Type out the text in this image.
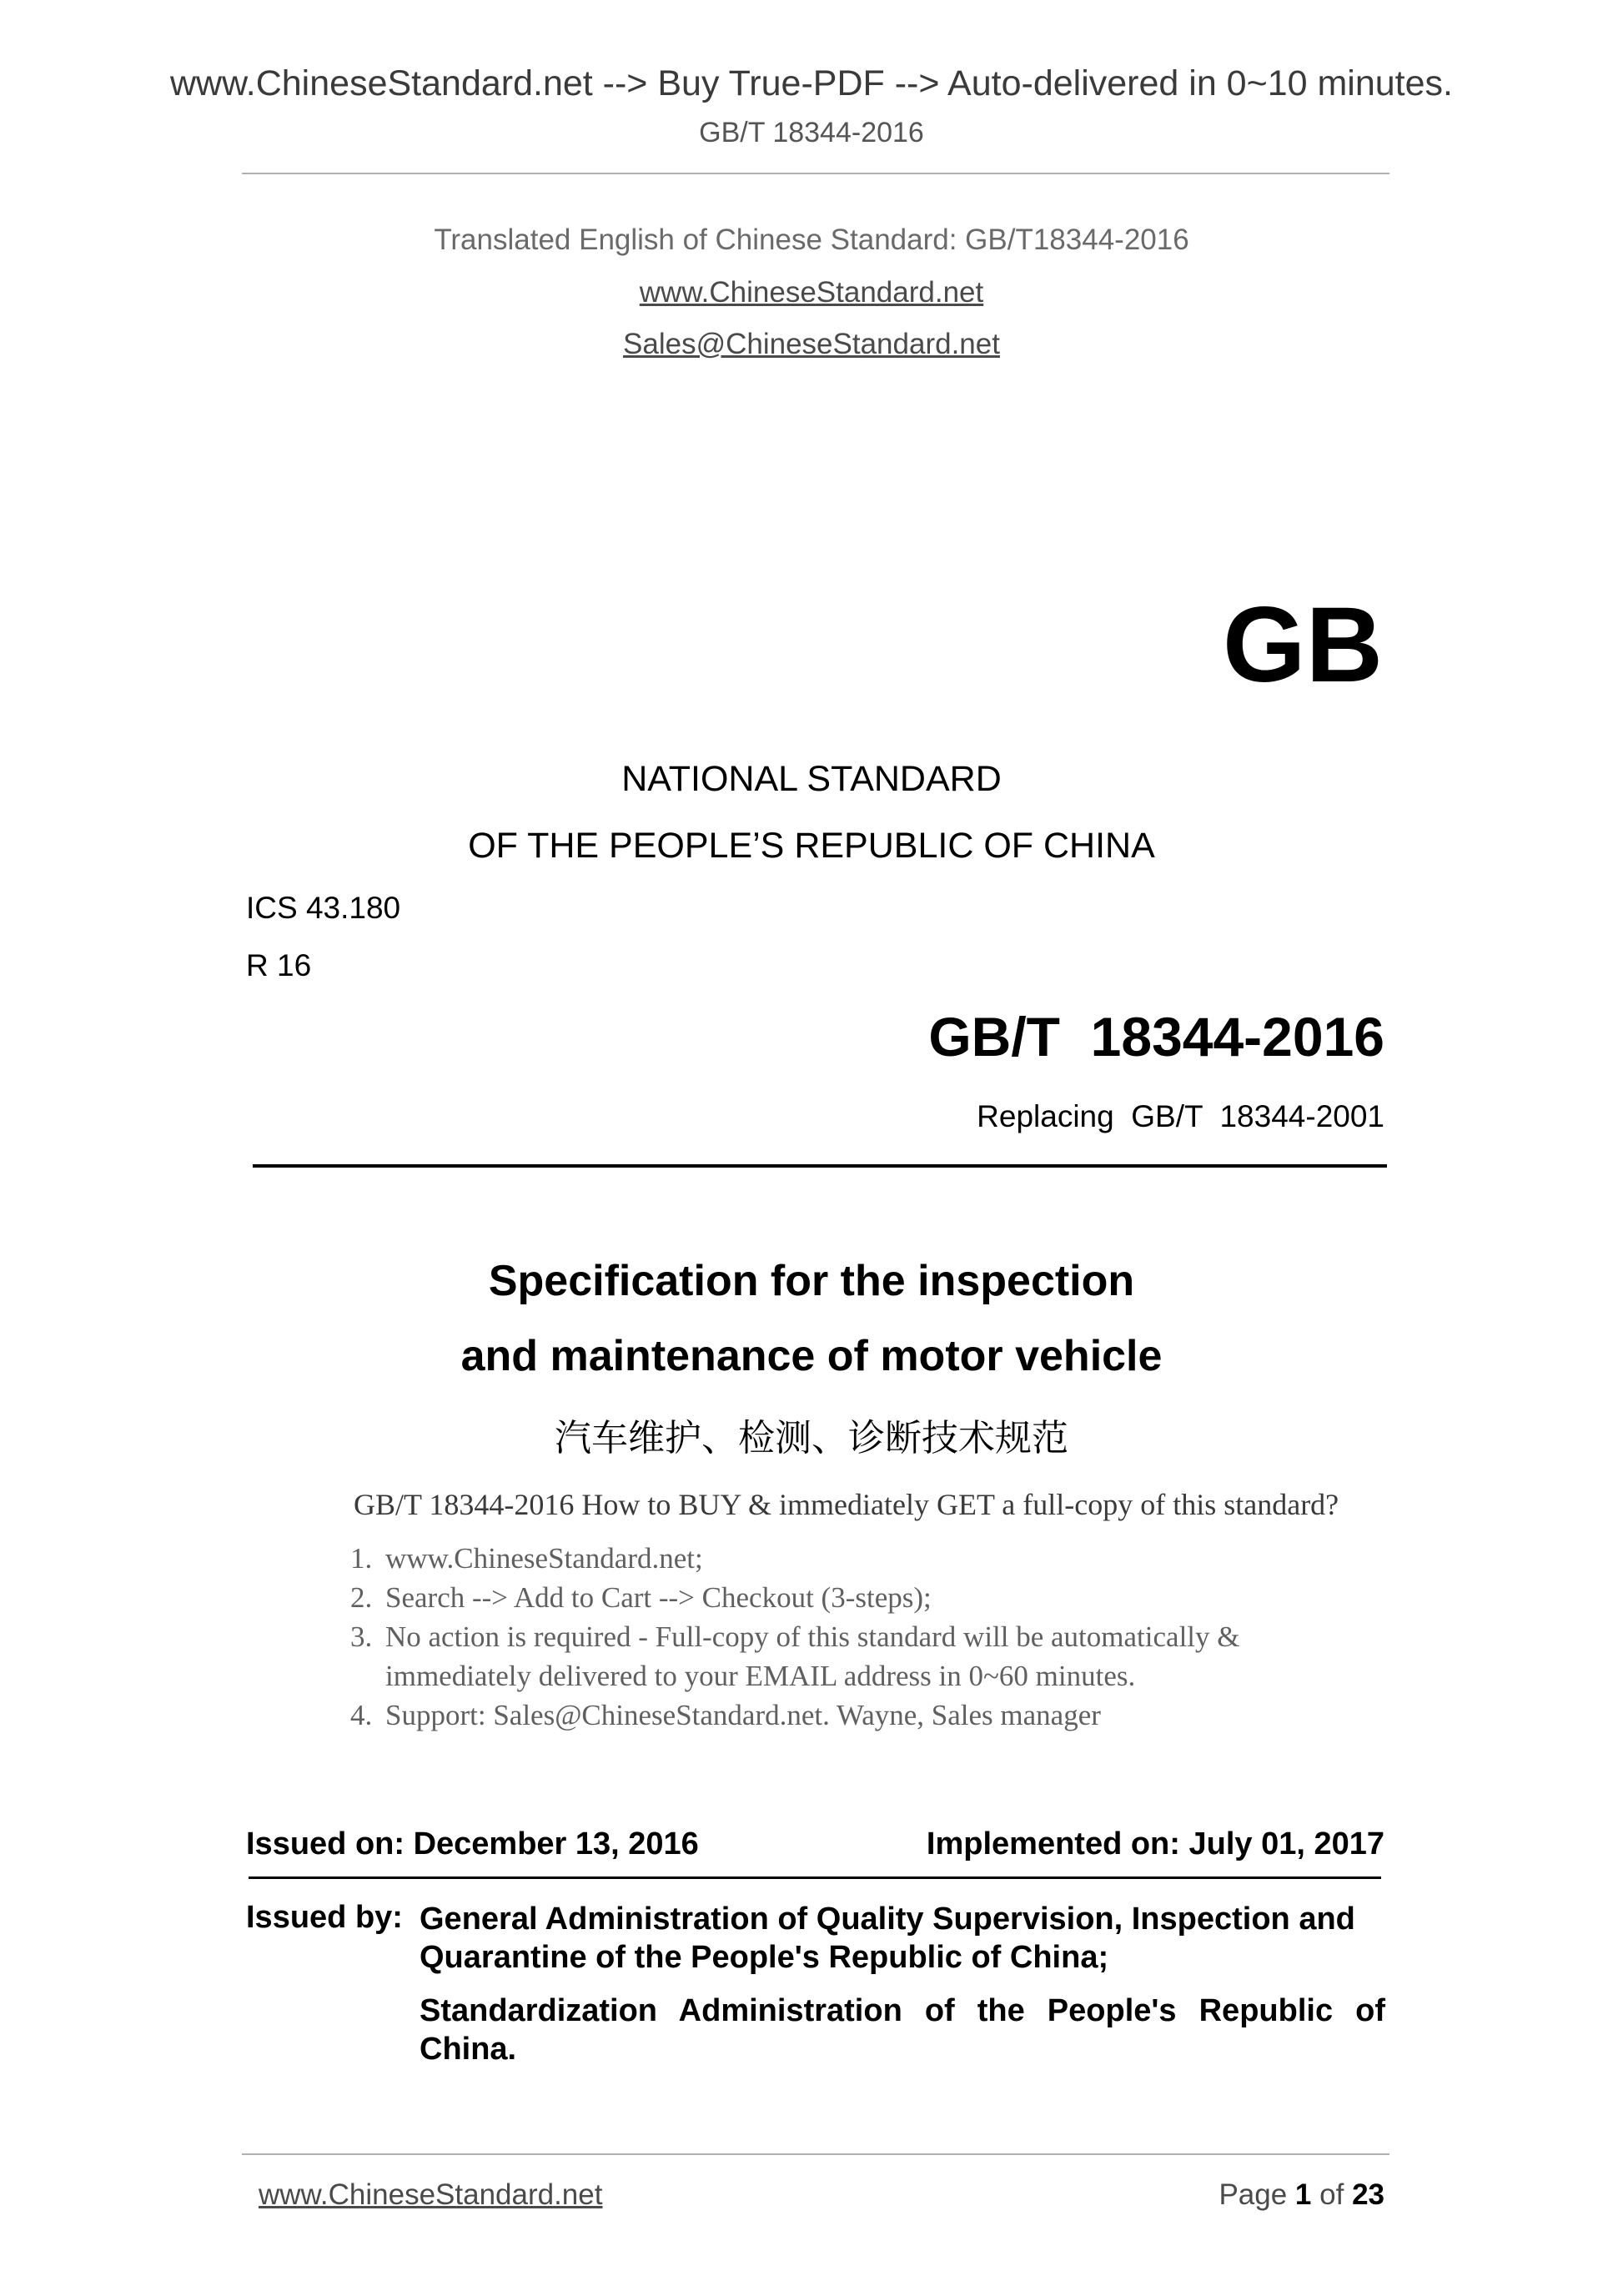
www.ChineseStandard.net --> Buy True-PDF --> Auto-delivered in 0~10 minutes.
GB/T 18344-2016
Translated English of Chinese Standard: GB/T18344-2016
www.ChineseStandard.net
Sales@ChineseStandard.net
GB
NATIONAL STANDARD
OF THE PEOPLE’S REPUBLIC OF CHINA
ICS 43.180
R 16
GB/T  18344-2016
Replacing  GB/T  18344-2001
Specification for the inspection
and maintenance of motor vehicle
汽车维护、检测、诊断技术规范
GB/T 18344-2016 How to BUY & immediately GET a full-copy of this standard?
1. www.ChineseStandard.net;
2. Search --> Add to Cart --> Checkout (3-steps);
3. No action is required - Full-copy of this standard will be automatically & immediately delivered to your EMAIL address in 0~60 minutes.
4. Support: Sales@ChineseStandard.net. Wayne, Sales manager
Issued on: December 13, 2016	Implemented on: July 01, 2017
Issued by: General Administration of Quality Supervision, Inspection and Quarantine of the People's Republic of China;
Standardization Administration of the People's Republic of China.
www.ChineseStandard.net	Page 1 of 23
